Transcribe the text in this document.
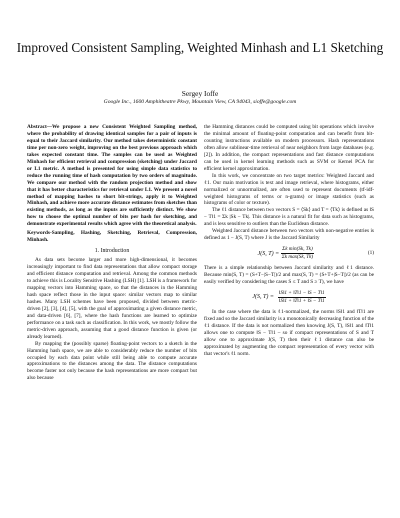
Improved Consistent Sampling, Weighted Minhash and L1 Sketching
Sergey Ioffe
Google Inc., 1600 Amphitheatre Pkwy, Mountain View, CA 94043, sioffe@google.com

Abstract—We propose a new Consistent Weighted Sampling method, where the probability of drawing identical samples for a pair of inputs is equal to their Jaccard similarity. Our method takes deterministic constant time per non-zero weight, improving on the best previous approach which takes expected constant time. The samples can be used as Weighted Minhash for efficient retrieval and compression (sketching) under Jaccard or L1 metric. A method is presented for using simple data statistics to reduce the running time of hash computation by two orders of magnitude. We compare our method with the random projection method and show that it has better characteristics for retrieval under L1. We present a novel method of mapping hashes to short bit-strings, apply it to Weighted Minhash, and achieve more accurate distance estimates from sketches than existing methods, as long as the inputs are sufficiently distinct. We show how to choose the optimal number of bits per hash for sketching, and demonstrate experimental results which agree with the theoretical analysis.

Keywords-Sampling, Hashing, Sketching, Retrieval, Compression, Minhash.

1. Introduction

As data sets become larger and more high-dimensional, it becomes increasingly important to find data representations that allow compact storage and efficient distance computation and retrieval. Among the common methods to achieve this is Locality Sensitive Hashing (LSH) [1]. LSH is a framework for mapping vectors into Hamming space, so that the distances in the Hamming hash space reflect those in the input space: similar vectors map to similar hashes. Many LSH schemes have been proposed, divided between metric-driven [2], [3], [4], [5], with the goal of approximating a given distance metric, and data-driven [6], [7], where the hash functions are learned to optimize performance on a task such as classification. In this work, we mostly follow the metric-driven approach, assuming that a good distance function is given (or already learned).

By mapping the (possibly sparse) floating-point vectors to a sketch in the Hamming hash space, we are able to considerably reduce the number of bits occupied by each data point while still being able to compute accurate approximations to the distances among the data. The distance computations become faster not only because the hash representations are more compact but also because

the Hamming distances could be computed using bit operations which involve the minimal amount of floating-point computation and can benefit from bit-counting instructions available on modern processors. Hash representations often allow sublinear-time retrieval of near neighbors from large databases (e.g. [2]). In addition, the compact representations and fast distance computations can be used in kernel learning methods such as SVM or Kernel PCA for efficient kernel approximation.

In this work, we concentrate on two target metrics: Weighted Jaccard and ℓ1. Our main motivation is text and image retrieval, where histograms, either normalized or unnormalized, are often used to represent documents (tf-idf-weighted histograms of terms or n-grams) or image statistics (such as histograms of color or texture).

The ℓ1 distance between two vectors S = ⟨Sk⟩ and T = ⟨Tk⟩ is defined as ‖S − T‖1 = Σk |Sk − Tk|. This distance is a natural fit for data such as histograms, and is less sensitive to outliers than the Euclidean distance.

Weighted Jaccard distance between two vectors with non-negative entries is defined as 1 − J(S, T) where J is the Jaccard Similarity

J(S, $T) = \frac{\text{Σk min(Sk, Tk)}}{\text{Σk max(Sk, Tk)}}$	(1)

There is a simple relationship between Jaccard similarity and ℓ1 distance. Because min(S, T) = (S+T−|S−T|)/2 and max(S, T) = (S+T+|S−T|)/2 (as can be easily verified by considering the cases S ≤ T and S ≥ T), we have

J(S, $T) = \frac{‖S‖1 + ‖T‖1 - ‖S - T‖1}{‖S‖1 + ‖T‖1 + ‖S - T‖1}$

In the case where the data is ℓ1-normalized, the norms ‖S‖1 and ‖T‖1 are fixed and so the Jaccard similarity is a monotonically decreasing function of the ℓ1 distance. If the data is not normalized then knowing J(S, T), ‖S‖1 and ‖T‖1 allows one to compute ‖S − T‖1 – so if compact representations of S and T allow one to approximate J(S, T) then their ℓ1 distance can also be approximated by augmenting the compact representation of every vector with that vector's ℓ1 norm.
